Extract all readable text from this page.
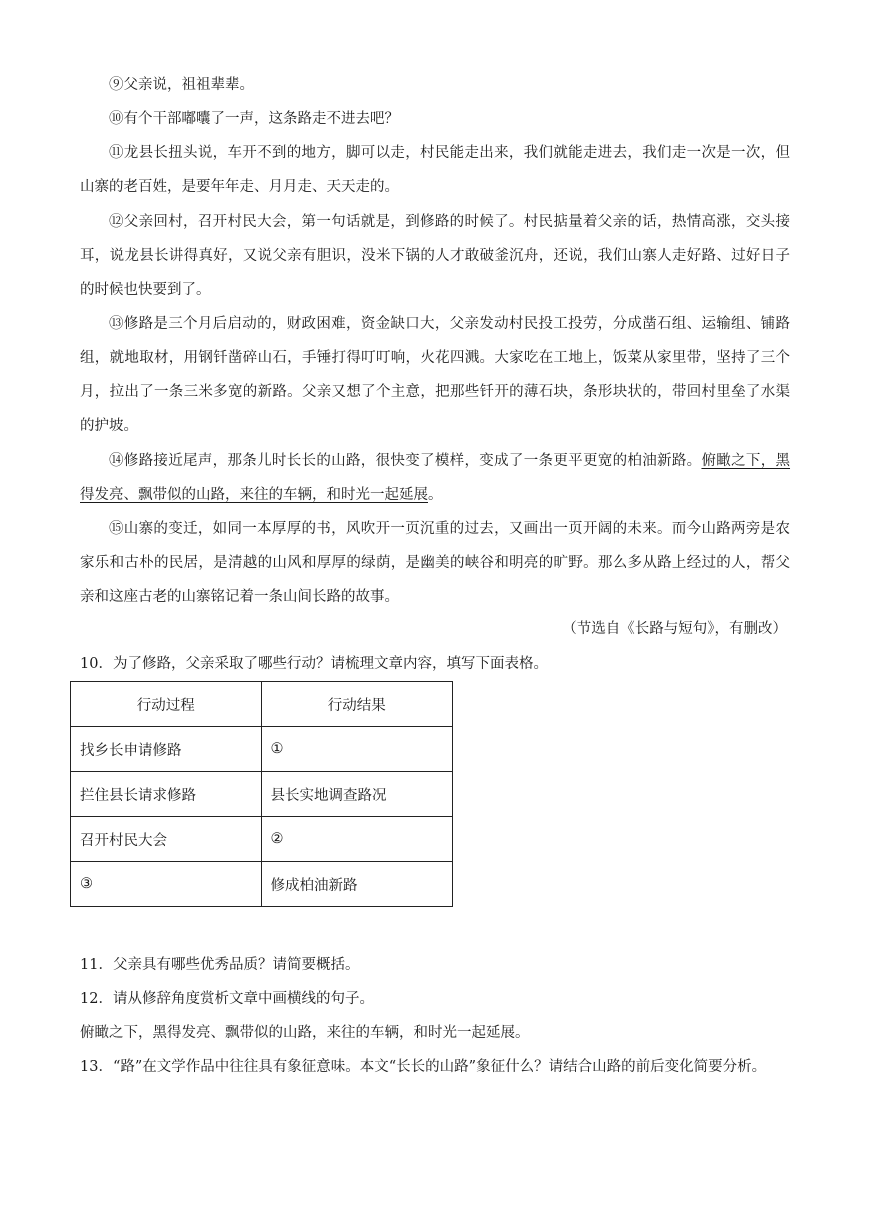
⑨父亲说，祖祖辈辈。

⑩有个干部嘟囔了一声，这条路走不进去吧？

⑪龙县长扭头说，车开不到的地方，脚可以走，村民能走出来，我们就能走进去，我们走一次是一次，但山寨的老百姓，是要年年走、月月走、天天走的。

⑫父亲回村，召开村民大会，第一句话就是，到修路的时候了。村民掂量着父亲的话，热情高涨，交头接耳，说龙县长讲得真好，又说父亲有胆识，没米下锅的人才敢破釜沉舟，还说，我们山寨人走好路、过好日子的时候也快要到了。

⑬修路是三个月后启动的，财政困难，资金缺口大，父亲发动村民投工投劳，分成凿石组、运输组、铺路组，就地取材，用钢钎凿碎山石，手锤打得叮叮响，火花四溅。大家吃在工地上，饭菜从家里带，坚持了三个月，拉出了一条三米多宽的新路。父亲又想了个主意，把那些钎开的薄石块，条形块状的，带回村里垒了水渠的护坡。

⑭修路接近尾声，那条儿时长长的山路，很快变了模样，变成了一条更平更宽的柏油新路。俯瞰之下，黑得发亮、飘带似的山路，来往的车辆，和时光一起延展。

⑮山寨的变迁，如同一本厚厚的书，风吹开一页沉重的过去，又画出一页开阔的未来。而今山路两旁是农家乐和古朴的民居，是清越的山风和厚厚的绿荫，是幽美的峡谷和明亮的旷野。那么多从路上经过的人，帮父亲和这座古老的山寨铭记着一条山间长路的故事。

（节选自《长路与短句》，有删改）

10．为了修路，父亲采取了哪些行动？请梳理文章内容，填写下面表格。

行动过程	行动结果
找乡长申请修路	①
拦住县长请求修路	县长实地调查路况
召开村民大会	②
③	修成柏油新路

11．父亲具有哪些优秀品质？请简要概括。

12．请从修辞角度赏析文章中画横线的句子。

俯瞰之下，黑得发亮、飘带似的山路，来往的车辆，和时光一起延展。

13．“路”在文学作品中往往具有象征意味。本文“长长的山路”象征什么？请结合山路的前后变化简要分析。
